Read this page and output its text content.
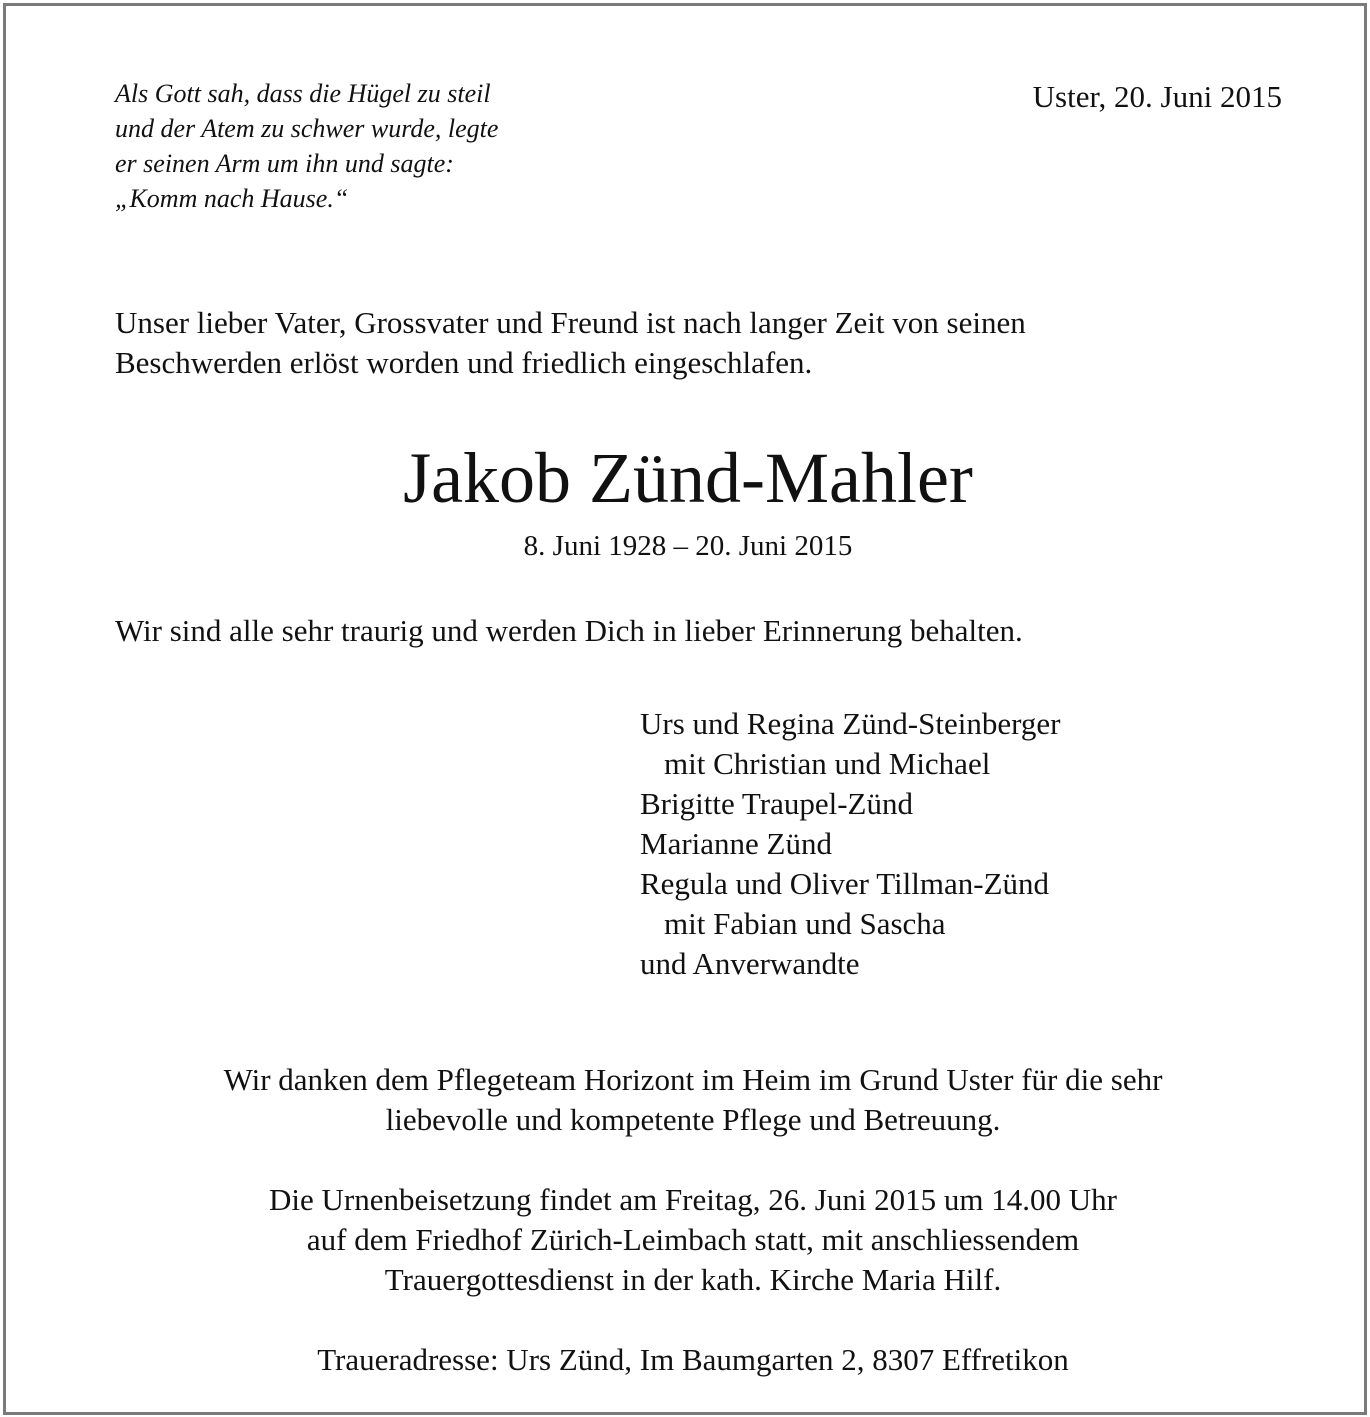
Als Gott sah, dass die Hügel zu steil
und der Atem zu schwer wurde, legte
er seinen Arm um ihn und sagte:
„Komm nach Hause.“
Uster, 20. Juni 2015
Unser lieber Vater, Grossvater und Freund ist nach langer Zeit von seinen
Beschwerden erlöst worden und friedlich eingeschlafen.
Jakob Zünd-Mahler
8. Juni 1928 – 20. Juni 2015
Wir sind alle sehr traurig und werden Dich in lieber Erinnerung behalten.
Urs und Regina Zünd-Steinberger
mit Christian und Michael
Brigitte Traupel-Zünd
Marianne Zünd
Regula und Oliver Tillman-Zünd
mit Fabian und Sascha
und Anverwandte
Wir danken dem Pflegeteam Horizont im Heim im Grund Uster für die sehr
liebevolle und kompetente Pflege und Betreuung.
Die Urnenbeisetzung findet am Freitag, 26. Juni 2015 um 14.00 Uhr
auf dem Friedhof Zürich-Leimbach statt, mit anschliessendem
Trauergottesdienst in der kath. Kirche Maria Hilf.
Traueradresse: Urs Zünd, Im Baumgarten 2, 8307 Effretikon
